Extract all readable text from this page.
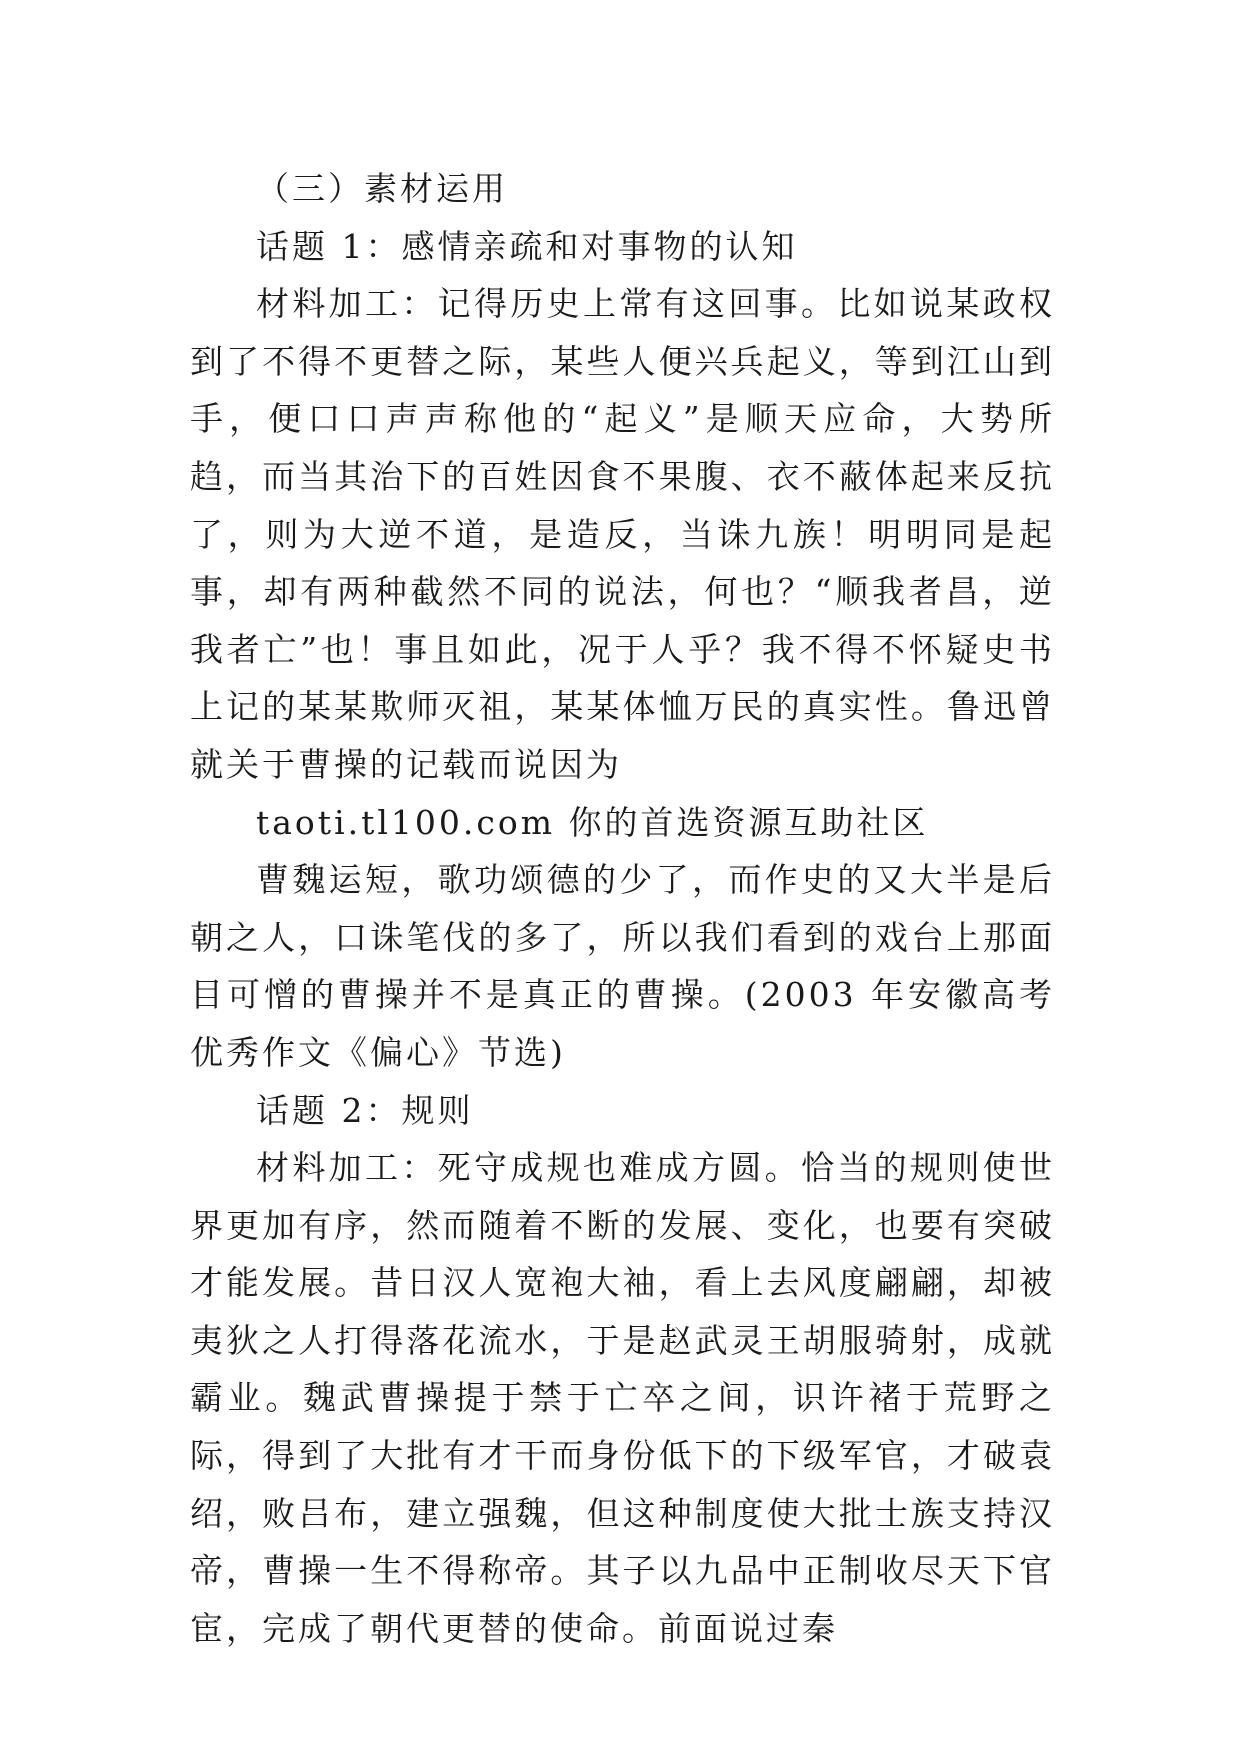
（三）素材运用

话题 1：感情亲疏和对事物的认知

材料加工：记得历史上常有这回事。比如说某政权到了不得不更替之际，某些人便兴兵起义，等到江山到手，便口口声声称他的“起义”是顺天应命，大势所趋，而当其治下的百姓因食不果腹、衣不蔽体起来反抗了，则为大逆不道，是造反，当诛九族！明明同是起事，却有两种截然不同的说法，何也？“顺我者昌，逆我者亡”也！事且如此，况于人乎？我不得不怀疑史书上记的某某欺师灭祖，某某体恤万民的真实性。鲁迅曾就关于曹操的记载而说因为

taoti.tl100.com 你的首选资源互助社区

曹魏运短，歌功颂德的少了，而作史的又大半是后朝之人，口诛笔伐的多了，所以我们看到的戏台上那面目可憎的曹操并不是真正的曹操。(2003 年安徽高考优秀作文《偏心》节选)

话题 2：规则

材料加工：死守成规也难成方圆。恰当的规则使世界更加有序，然而随着不断的发展、变化，也要有突破才能发展。昔日汉人宽袍大袖，看上去风度翩翩，却被夷狄之人打得落花流水，于是赵武灵王胡服骑射，成就霸业。魏武曹操提于禁于亡卒之间，识许褚于荒野之际，得到了大批有才干而身份低下的下级军官，才破袁绍，败吕布，建立强魏，但这种制度使大批士族支持汉帝，曹操一生不得称帝。其子以九品中正制收尽天下官宦，完成了朝代更替的使命。前面说过秦
